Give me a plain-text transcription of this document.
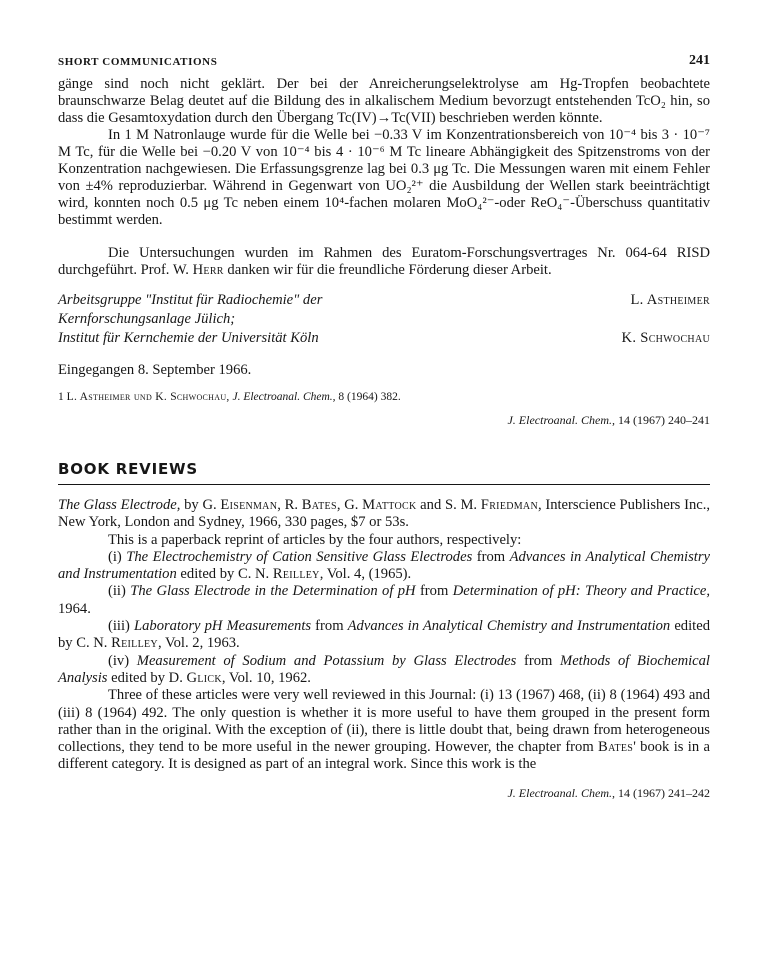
SHORT COMMUNICATIONS	241

gänge sind noch nicht geklärt. Der bei der Anreicherungselektrolyse am Hg-Tropfen beobachtete braunschwarze Belag deutet auf die Bildung des in alkalischem Medium bevorzugt entstehenden TcO₂ hin, so dass die Gesamtoxydation durch den Übergang Tc(IV)→Tc(VII) beschrieben werden könnte.

In 1 M Natronlauge wurde für die Welle bei −0.33 V im Konzentrationsbereich von 10⁻⁴ bis 3 · 10⁻⁷ M Tc, für die Welle bei −0.20 V von 10⁻⁴ bis 4 · 10⁻⁶ M Tc lineare Abhängigkeit des Spitzenstroms von der Konzentration nachgewiesen. Die Erfassungsgrenze lag bei 0.3 μg Tc. Die Messungen waren mit einem Fehler von ±4% reproduzierbar. Während in Gegenwart von UO₂²⁺ die Ausbildung der Wellen stark beeinträchtigt wird, konnten noch 0.5 μg Tc neben einem 10⁴-fachen molaren MoO₄²⁻-oder ReO₄⁻-Überschuss quantitativ bestimmt werden.

Die Untersuchungen wurden im Rahmen des Euratom-Forschungsvertrages Nr. 064-64 RISD durchgeführt. Prof. W. Herr danken wir für die freundliche Förderung dieser Arbeit.

Arbeitsgruppe "Institut für Radiochemie" der
Kernforschungsanlage Jülich;
Institut für Kernchemie der Universität Köln
L. Astheimer

K. Schwochau
Eingegangen 8. September 1966.
1 L. Astheimer und K. Schwochau, J. Electroanal. Chem., 8 (1964) 382.
J. Electroanal. Chem., 14 (1967) 240–241
BOOK REVIEWS

The Glass Electrode, by G. Eisenman, R. Bates, G. Mattock and S. M. Friedman, Interscience Publishers Inc., New York, London and Sydney, 1966, 330 pages, $7 or 53s.

This is a paperback reprint of articles by the four authors, respectively:

(i) The Electrochemistry of Cation Sensitive Glass Electrodes from Advances in Analytical Chemistry and Instrumentation edited by C. N. Reilley, Vol. 4, (1965).

(ii) The Glass Electrode in the Determination of pH from Determination of pH: Theory and Practice, 1964.

(iii) Laboratory pH Measurements from Advances in Analytical Chemistry and Instrumentation edited by C. N. Reilley, Vol. 2, 1963.

(iv) Measurement of Sodium and Potassium by Glass Electrodes from Methods of Biochemical Analysis edited by D. Glick, Vol. 10, 1962.

Three of these articles were very well reviewed in this Journal: (i) 13 (1967) 468, (ii) 8 (1964) 493 and (iii) 8 (1964) 492. The only question is whether it is more useful to have them grouped in the present form rather than in the original. With the exception of (ii), there is little doubt that, being drawn from heterogeneous collections, they tend to be more useful in the newer grouping. However, the chapter from Bates' book is in a different category. It is designed as part of an integral work. Since this work is the

J. Electroanal. Chem., 14 (1967) 241–242
